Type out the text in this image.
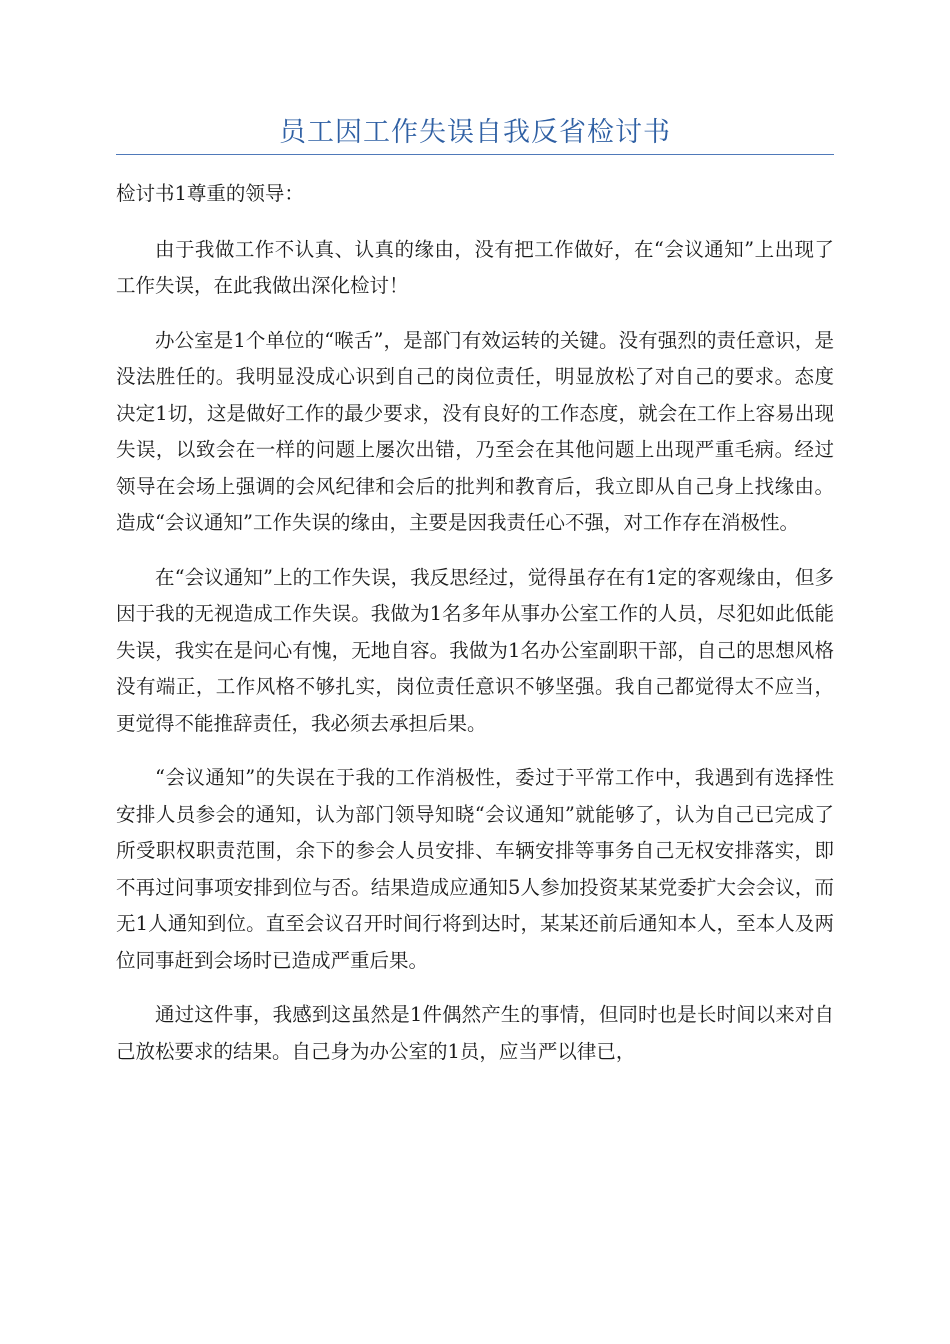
员工因工作失误自我反省检讨书

检讨书1尊重的领导：

由于我做工作不认真、认真的缘由，没有把工作做好，在“会议通知”上出现了工作失误，在此我做出深化检讨！

办公室是1个单位的“喉舌”，是部门有效运转的关键。没有强烈的责任意识，是没法胜任的。我明显没成心识到自己的岗位责任，明显放松了对自己的要求。态度决定1切，这是做好工作的最少要求，没有良好的工作态度，就会在工作上容易出现失误，以致会在一样的问题上屡次出错，乃至会在其他问题上出现严重毛病。经过领导在会场上强调的会风纪律和会后的批判和教育后，我立即从自己身上找缘由。造成“会议通知”工作失误的缘由，主要是因我责任心不强，对工作存在消极性。

在“会议通知”上的工作失误，我反思经过，觉得虽存在有1定的客观缘由，但多因于我的无视造成工作失误。我做为1名多年从事办公室工作的人员，尽犯如此低能失误，我实在是问心有愧，无地自容。我做为1名办公室副职干部，自己的思想风格没有端正，工作风格不够扎实，岗位责任意识不够坚强。我自己都觉得太不应当，更觉得不能推辞责任，我必须去承担后果。

“会议通知”的失误在于我的工作消极性，委过于平常工作中，我遇到有选择性安排人员参会的通知，认为部门领导知晓“会议通知”就能够了，认为自己已完成了所受职权职责范围，余下的参会人员安排、车辆安排等事务自己无权安排落实，即不再过问事项安排到位与否。结果造成应通知5人参加投资某某党委扩大会会议，而无1人通知到位。直至会议召开时间行将到达时，某某还前后通知本人，至本人及两位同事赶到会场时已造成严重后果。

通过这件事，我感到这虽然是1件偶然产生的事情，但同时也是长时间以来对自己放松要求的结果。自己身为办公室的1员，应当严以律已，
